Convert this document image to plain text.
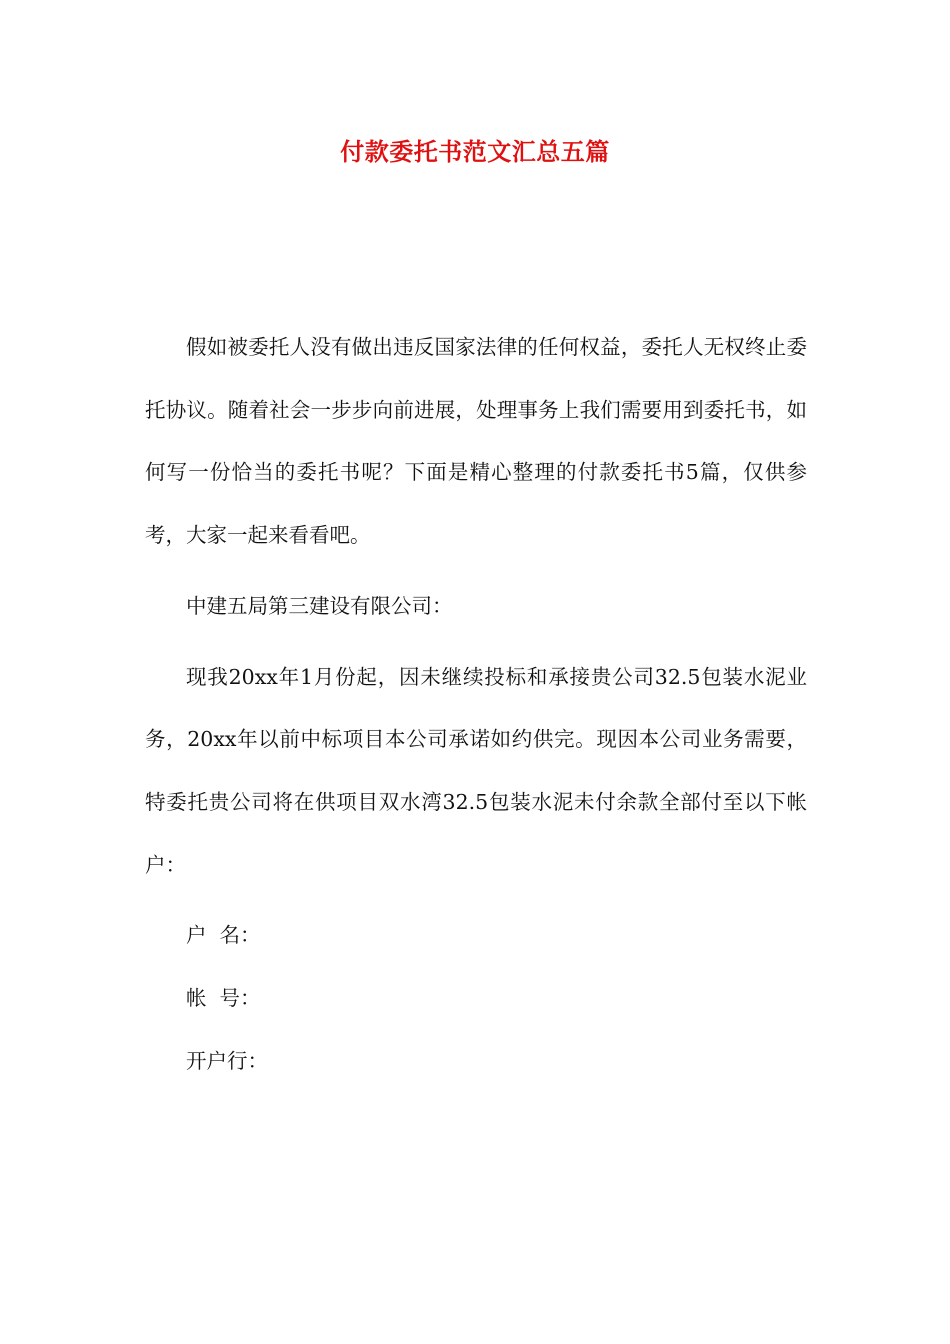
付款委托书范文汇总五篇

假如被委托人没有做出违反国家法律的任何权益，委托人无权终止委托协议。随着社会一步步向前进展，处理事务上我们需要用到委托书，如何写一份恰当的委托书呢？下面是精心整理的付款委托书5篇，仅供参考，大家一起来看看吧。

中建五局第三建设有限公司：

现我20xx年1月份起，因未继续投标和承接贵公司32.5包装水泥业务，20xx年以前中标项目本公司承诺如约供完。现因本公司业务需要，特委托贵公司将在供项目双水湾32.5包装水泥未付余款全部付至以下帐户：

户  名：

帐  号：

开户行：
